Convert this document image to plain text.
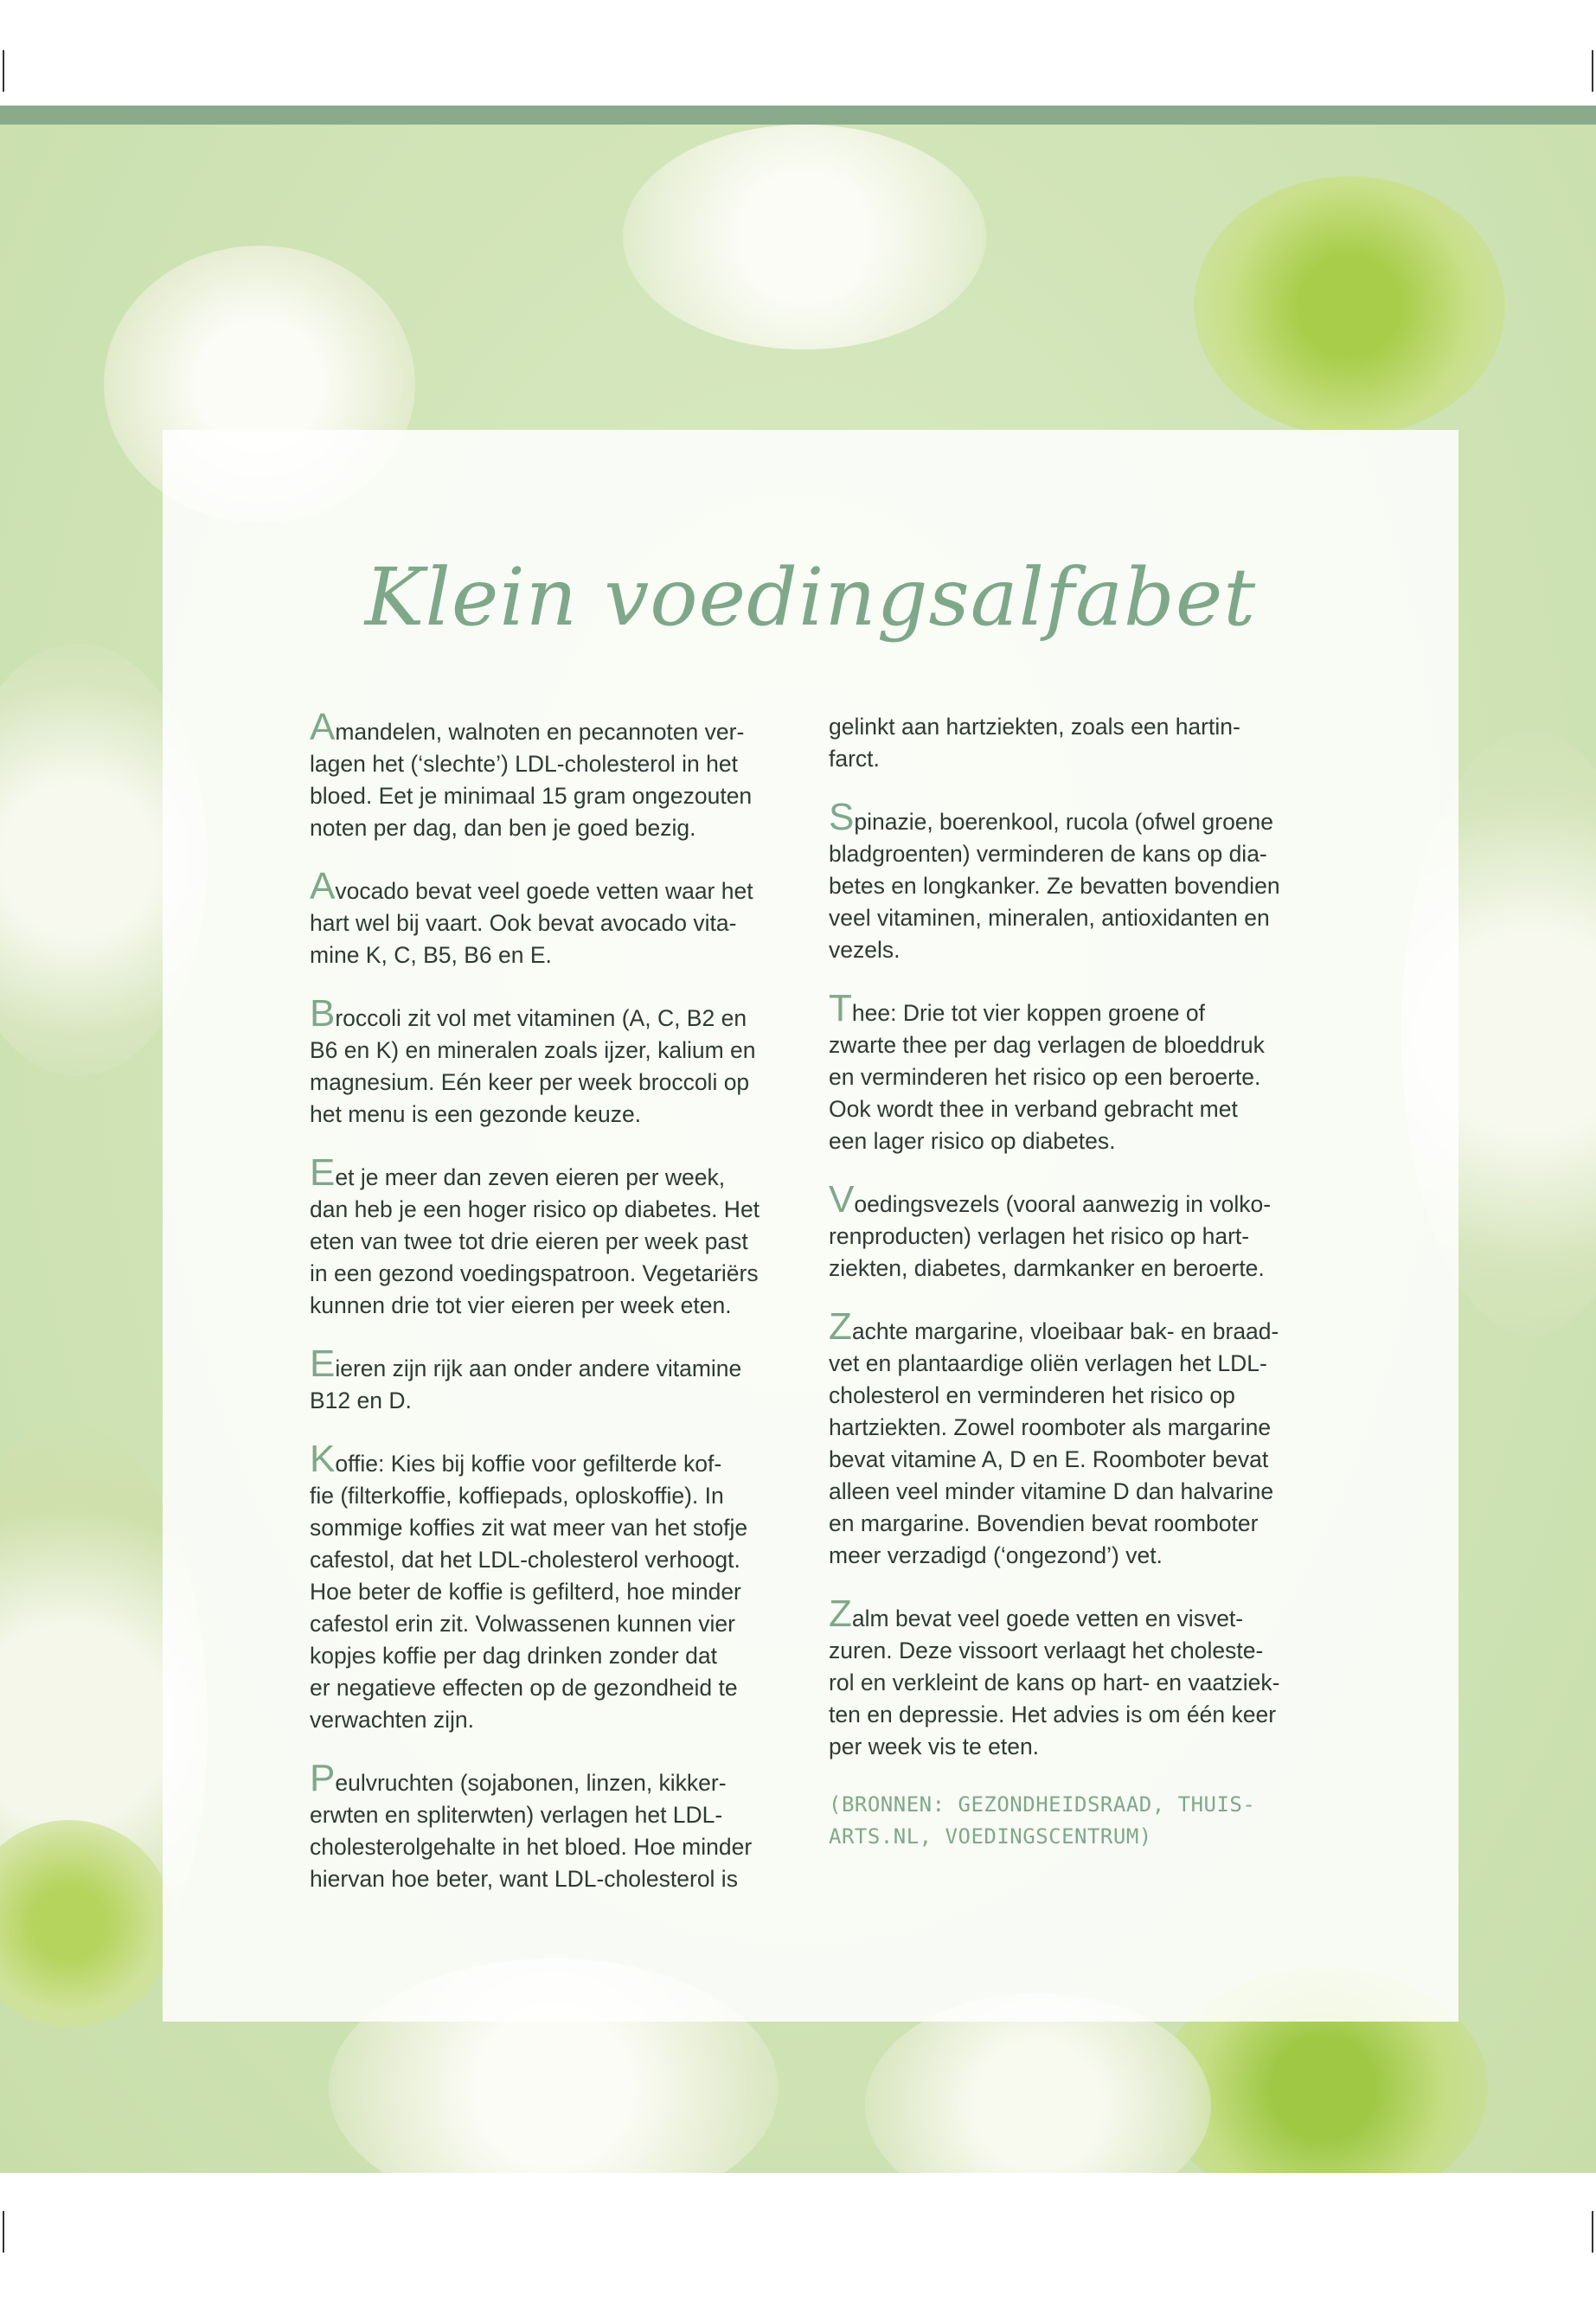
Klein voedingsalfabet

Amandelen, walnoten en pecannoten ver-
lagen het (‘slechte’) LDL-cholesterol in het
bloed. Eet je minimaal 15 gram ongezouten
noten per dag, dan ben je goed bezig.

Avocado bevat veel goede vetten waar het
hart wel bij vaart. Ook bevat avocado vita-
mine K, C, B5, B6 en E.

Broccoli zit vol met vitaminen (A, C, B2 en
B6 en K) en mineralen zoals ijzer, kalium en
magnesium. Eén keer per week broccoli op
het menu is een gezonde keuze.

Eet je meer dan zeven eieren per week,
dan heb je een hoger risico op diabetes. Het
eten van twee tot drie eieren per week past
in een gezond voedingspatroon. Vegetariërs
kunnen drie tot vier eieren per week eten.

Eieren zijn rijk aan onder andere vitamine
B12 en D.

Koffie: Kies bij koffie voor gefilterde kof-
fie (filterkoffie, koffiepads, oploskoffie). In
sommige koffies zit wat meer van het stofje
cafestol, dat het LDL-cholesterol verhoogt.
Hoe beter de koffie is gefilterd, hoe minder
cafestol erin zit. Volwassenen kunnen vier
kopjes koffie per dag drinken zonder dat
er negatieve effecten op de gezondheid te
verwachten zijn.

Peulvruchten (sojabonen, linzen, kikker-
erwten en spliterwten) verlagen het LDL-
cholesterolgehalte in het bloed. Hoe minder
hiervan hoe beter, want LDL-cholesterol is

gelinkt aan hartziekten, zoals een hartin-
farct.

Spinazie, boerenkool, rucola (ofwel groene
bladgroenten) verminderen de kans op dia-
betes en longkanker. Ze bevatten bovendien
veel vitaminen, mineralen, antioxidanten en
vezels.

Thee: Drie tot vier koppen groene of
zwarte thee per dag verlagen de bloeddruk
en verminderen het risico op een beroerte.
Ook wordt thee in verband gebracht met
een lager risico op diabetes.

Voedingsvezels (vooral aanwezig in volko-
renproducten) verlagen het risico op hart-
ziekten, diabetes, darmkanker en beroerte.

Zachte margarine, vloeibaar bak- en braad-
vet en plantaardige oliën verlagen het LDL-
cholesterol en verminderen het risico op
hartziekten. Zowel roomboter als margarine
bevat vitamine A, D en E. Roomboter bevat
alleen veel minder vitamine D dan halvarine
en margarine. Bovendien bevat roomboter
meer verzadigd (‘ongezond’) vet.

Zalm bevat veel goede vetten en visvet-
zuren. Deze vissoort verlaagt het choleste-
rol en verkleint de kans op hart- en vaatziek-
ten en depressie. Het advies is om één keer
per week vis te eten.

(BRONNEN: GEZONDHEIDSRAAD, THUIS-
ARTS.NL, VOEDINGSCENTRUM)
